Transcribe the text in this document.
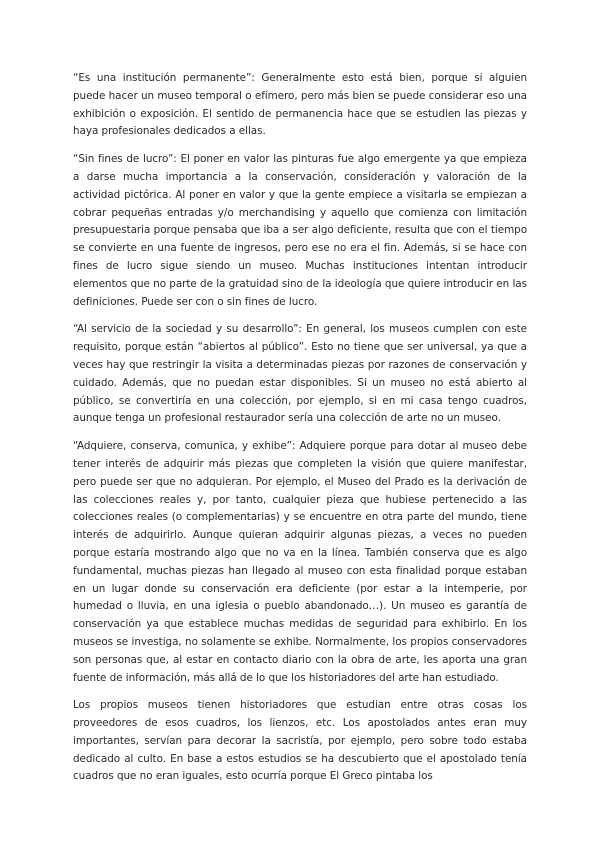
“Es una institución permanente”: Generalmente esto está bien, porque si alguien puede hacer un museo temporal o efímero, pero más bien se puede considerar eso una exhibición o exposición. El sentido de permanencia hace que se estudien las piezas y haya profesionales dedicados a ellas.

“Sin fines de lucro”: El poner en valor las pinturas fue algo emergente ya que empieza a darse mucha importancia a la conservación, consideración y valoración de la actividad pictórica. Al poner en valor y que la gente empiece a visitarla se empiezan a cobrar pequeñas entradas y/o merchandising y aquello que comienza con limitación presupuestaria porque pensaba que iba a ser algo deficiente, resulta que con el tiempo se convierte en una fuente de ingresos, pero ese no era el fin. Además, si se hace con fines de lucro sigue siendo un museo. Muchas instituciones intentan introducir elementos que no parte de la gratuidad sino de la ideología que quiere introducir en las definiciones. Puede ser con o sin fines de lucro.

“Al servicio de la sociedad y su desarrollo”: En general, los museos cumplen con este requisito, porque están “abiertos al público”. Esto no tiene que ser universal, ya que a veces hay que restringir la visita a determinadas piezas por razones de conservación y cuidado. Además, que no puedan estar disponibles. Si un museo no está abierto al público, se convertiría en una colección, por ejemplo, si en mi casa tengo cuadros, aunque tenga un profesional restaurador sería una colección de arte no un museo.

“Adquiere, conserva, comunica, y exhibe”: Adquiere porque para dotar al museo debe tener interés de adquirir más piezas que completen la visión que quiere manifestar, pero puede ser que no adquieran. Por ejemplo, el Museo del Prado es la derivación de las colecciones reales y, por tanto, cualquier pieza que hubiese pertenecido a las colecciones reales (o complementarias) y se encuentre en otra parte del mundo, tiene interés de adquirirlo. Aunque quieran adquirir algunas piezas, a veces no pueden porque estaría mostrando algo que no va en la línea. También conserva que es algo fundamental, muchas piezas han llegado al museo con esta finalidad porque estaban en un lugar donde su conservación era deficiente (por estar a la intemperie, por humedad o lluvia, en una iglesia o pueblo abandonado…). Un museo es garantía de conservación ya que establece muchas medidas de seguridad para exhibirlo. En los museos se investiga, no solamente se exhibe. Normalmente, los propios conservadores son personas que, al estar en contacto diario con la obra de arte, les aporta una gran fuente de información, más allá de lo que los historiadores del arte han estudiado.

Los propios museos tienen historiadores que estudian entre otras cosas los proveedores de esos cuadros, los lienzos, etc. Los apostolados antes eran muy importantes, servían para decorar la sacristía, por ejemplo, pero sobre todo estaba dedicado al culto. En base a estos estudios se ha descubierto que el apostolado tenía cuadros que no eran iguales, esto ocurría porque El Greco pintaba los
